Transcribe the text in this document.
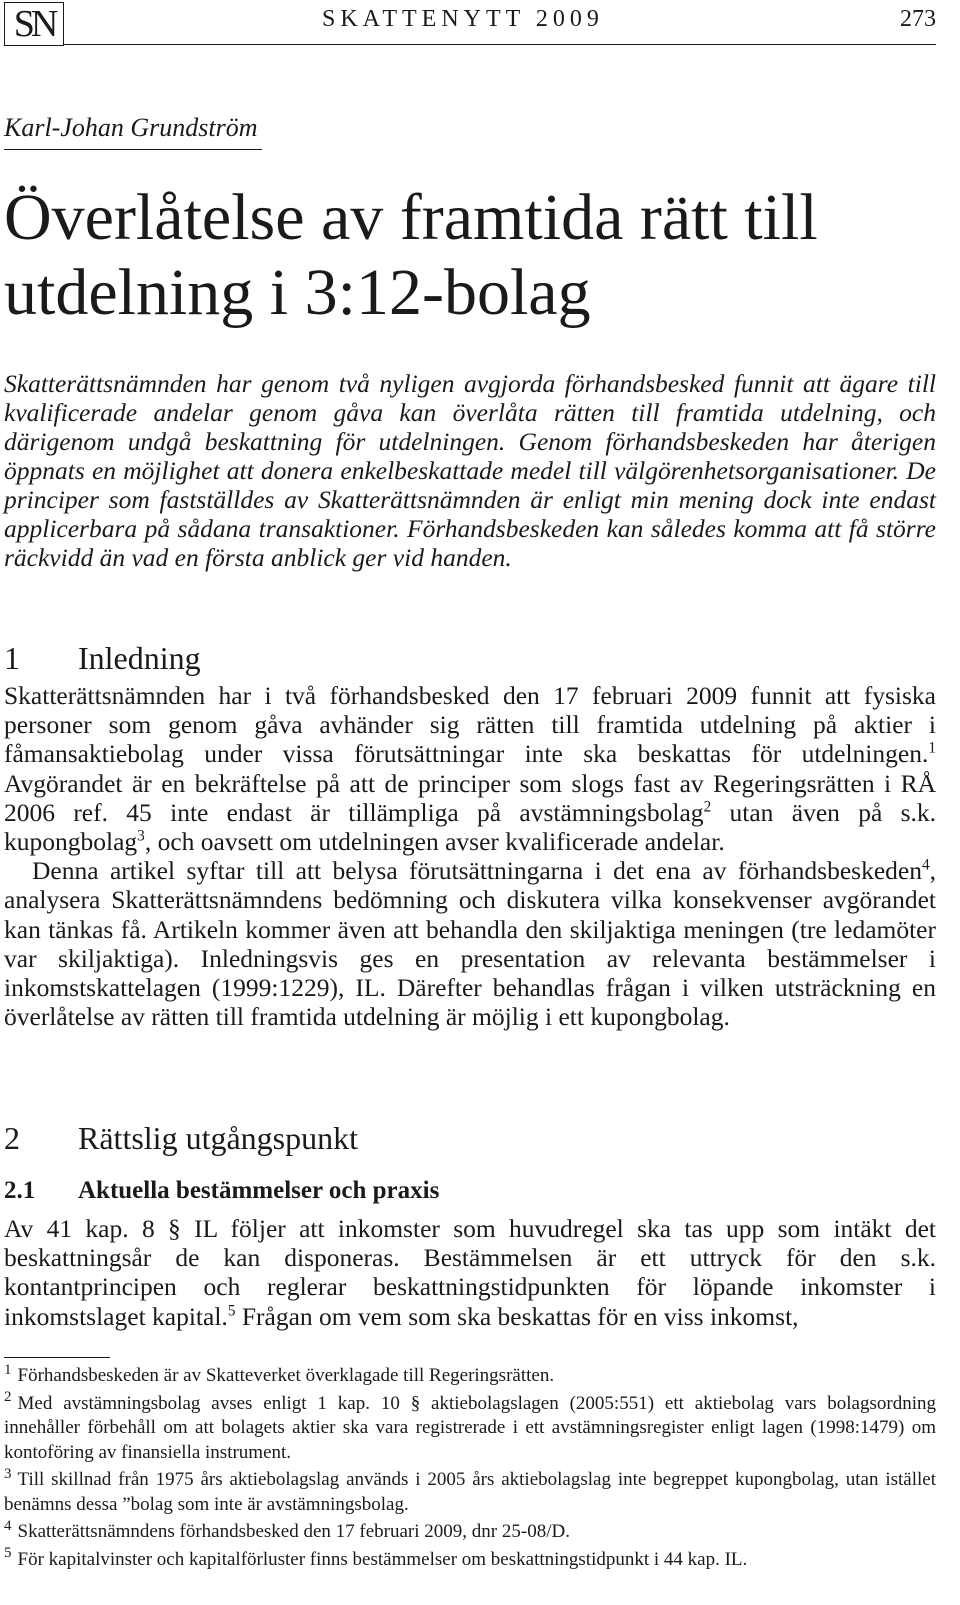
SN	SKATTENYTT 2009	273
Karl-Johan Grundström
Överlåtelse av framtida rätt till
utdelning i 3:12-bolag

Skatterättsnämnden har genom två nyligen avgjorda förhandsbesked funnit att ägare till kvalificerade andelar genom gåva kan överlåta rätten till framtida utdelning, och därigenom undgå beskattning för utdelningen. Genom förhandsbeskeden har återigen öppnats en möjlighet att donera enkelbeskattade medel till välgörenhetsorganisationer. De principer som fastställdes av Skatterättsnämnden är enligt min mening dock inte endast applicerbara på sådana transaktioner. Förhandsbeskeden kan således komma att få större räckvidd än vad en första anblick ger vid handen.

1 Inledning

Skatterättsnämnden har i två förhandsbesked den 17 februari 2009 funnit att fysiska personer som genom gåva avhänder sig rätten till framtida utdelning på aktier i fåmansaktiebolag under vissa förutsättningar inte ska beskattas för utdelningen.$^1$ Avgörandet är en bekräftelse på att de principer som slogs fast av Regeringsrätten i RÅ 2006 ref. 45 inte endast är tillämpliga på avstämningsbolag$^2$ utan även på s.k. kupongbolag$^3$, och oavsett om utdelningen avser kvalificerade andelar.

Denna artikel syftar till att belysa förutsättningarna i det ena av förhandsbeskeden$^4$, analysera Skatterättsnämndens bedömning och diskutera vilka konsekvenser avgörandet kan tänkas få. Artikeln kommer även att behandla den skiljaktiga meningen (tre ledamöter var skiljaktiga). Inledningsvis ges en presentation av relevanta bestämmelser i inkomstskattelagen (1999:1229), IL. Därefter behandlas frågan i vilken utsträckning en överlåtelse av rätten till framtida utdelning är möjlig i ett kupongbolag.

2 Rättslig utgångspunkt
2.1 Aktuella bestämmelser och praxis

Av 41 kap. 8 § IL följer att inkomster som huvudregel ska tas upp som intäkt det beskattningsår de kan disponeras. Bestämmelsen är ett uttryck för den s.k. kontantprincipen och reglerar beskattningstidpunkten för löpande inkomster i inkomstslaget kapital.$^5$ Frågan om vem som ska beskattas för en viss inkomst,

$^1$ Förhandsbeskeden är av Skatteverket överklagade till Regeringsrätten.

$^2$ Med avstämningsbolag avses enligt 1 kap. 10 § aktiebolagslagen (2005:551) ett aktiebolag vars bolagsordning innehåller förbehåll om att bolagets aktier ska vara registrerade i ett avstämningsregister enligt lagen (1998:1479) om kontoföring av finansiella instrument.

$^3$ Till skillnad från 1975 års aktiebolagslag används i 2005 års aktiebolagslag inte begreppet kupongbolag, utan istället benämns dessa ”bolag som inte är avstämningsbolag.

$^4$ Skatterättsnämndens förhandsbesked den 17 februari 2009, dnr 25-08/D.

$^5$ För kapitalvinster och kapitalförluster finns bestämmelser om beskattningstidpunkt i 44 kap. IL.
